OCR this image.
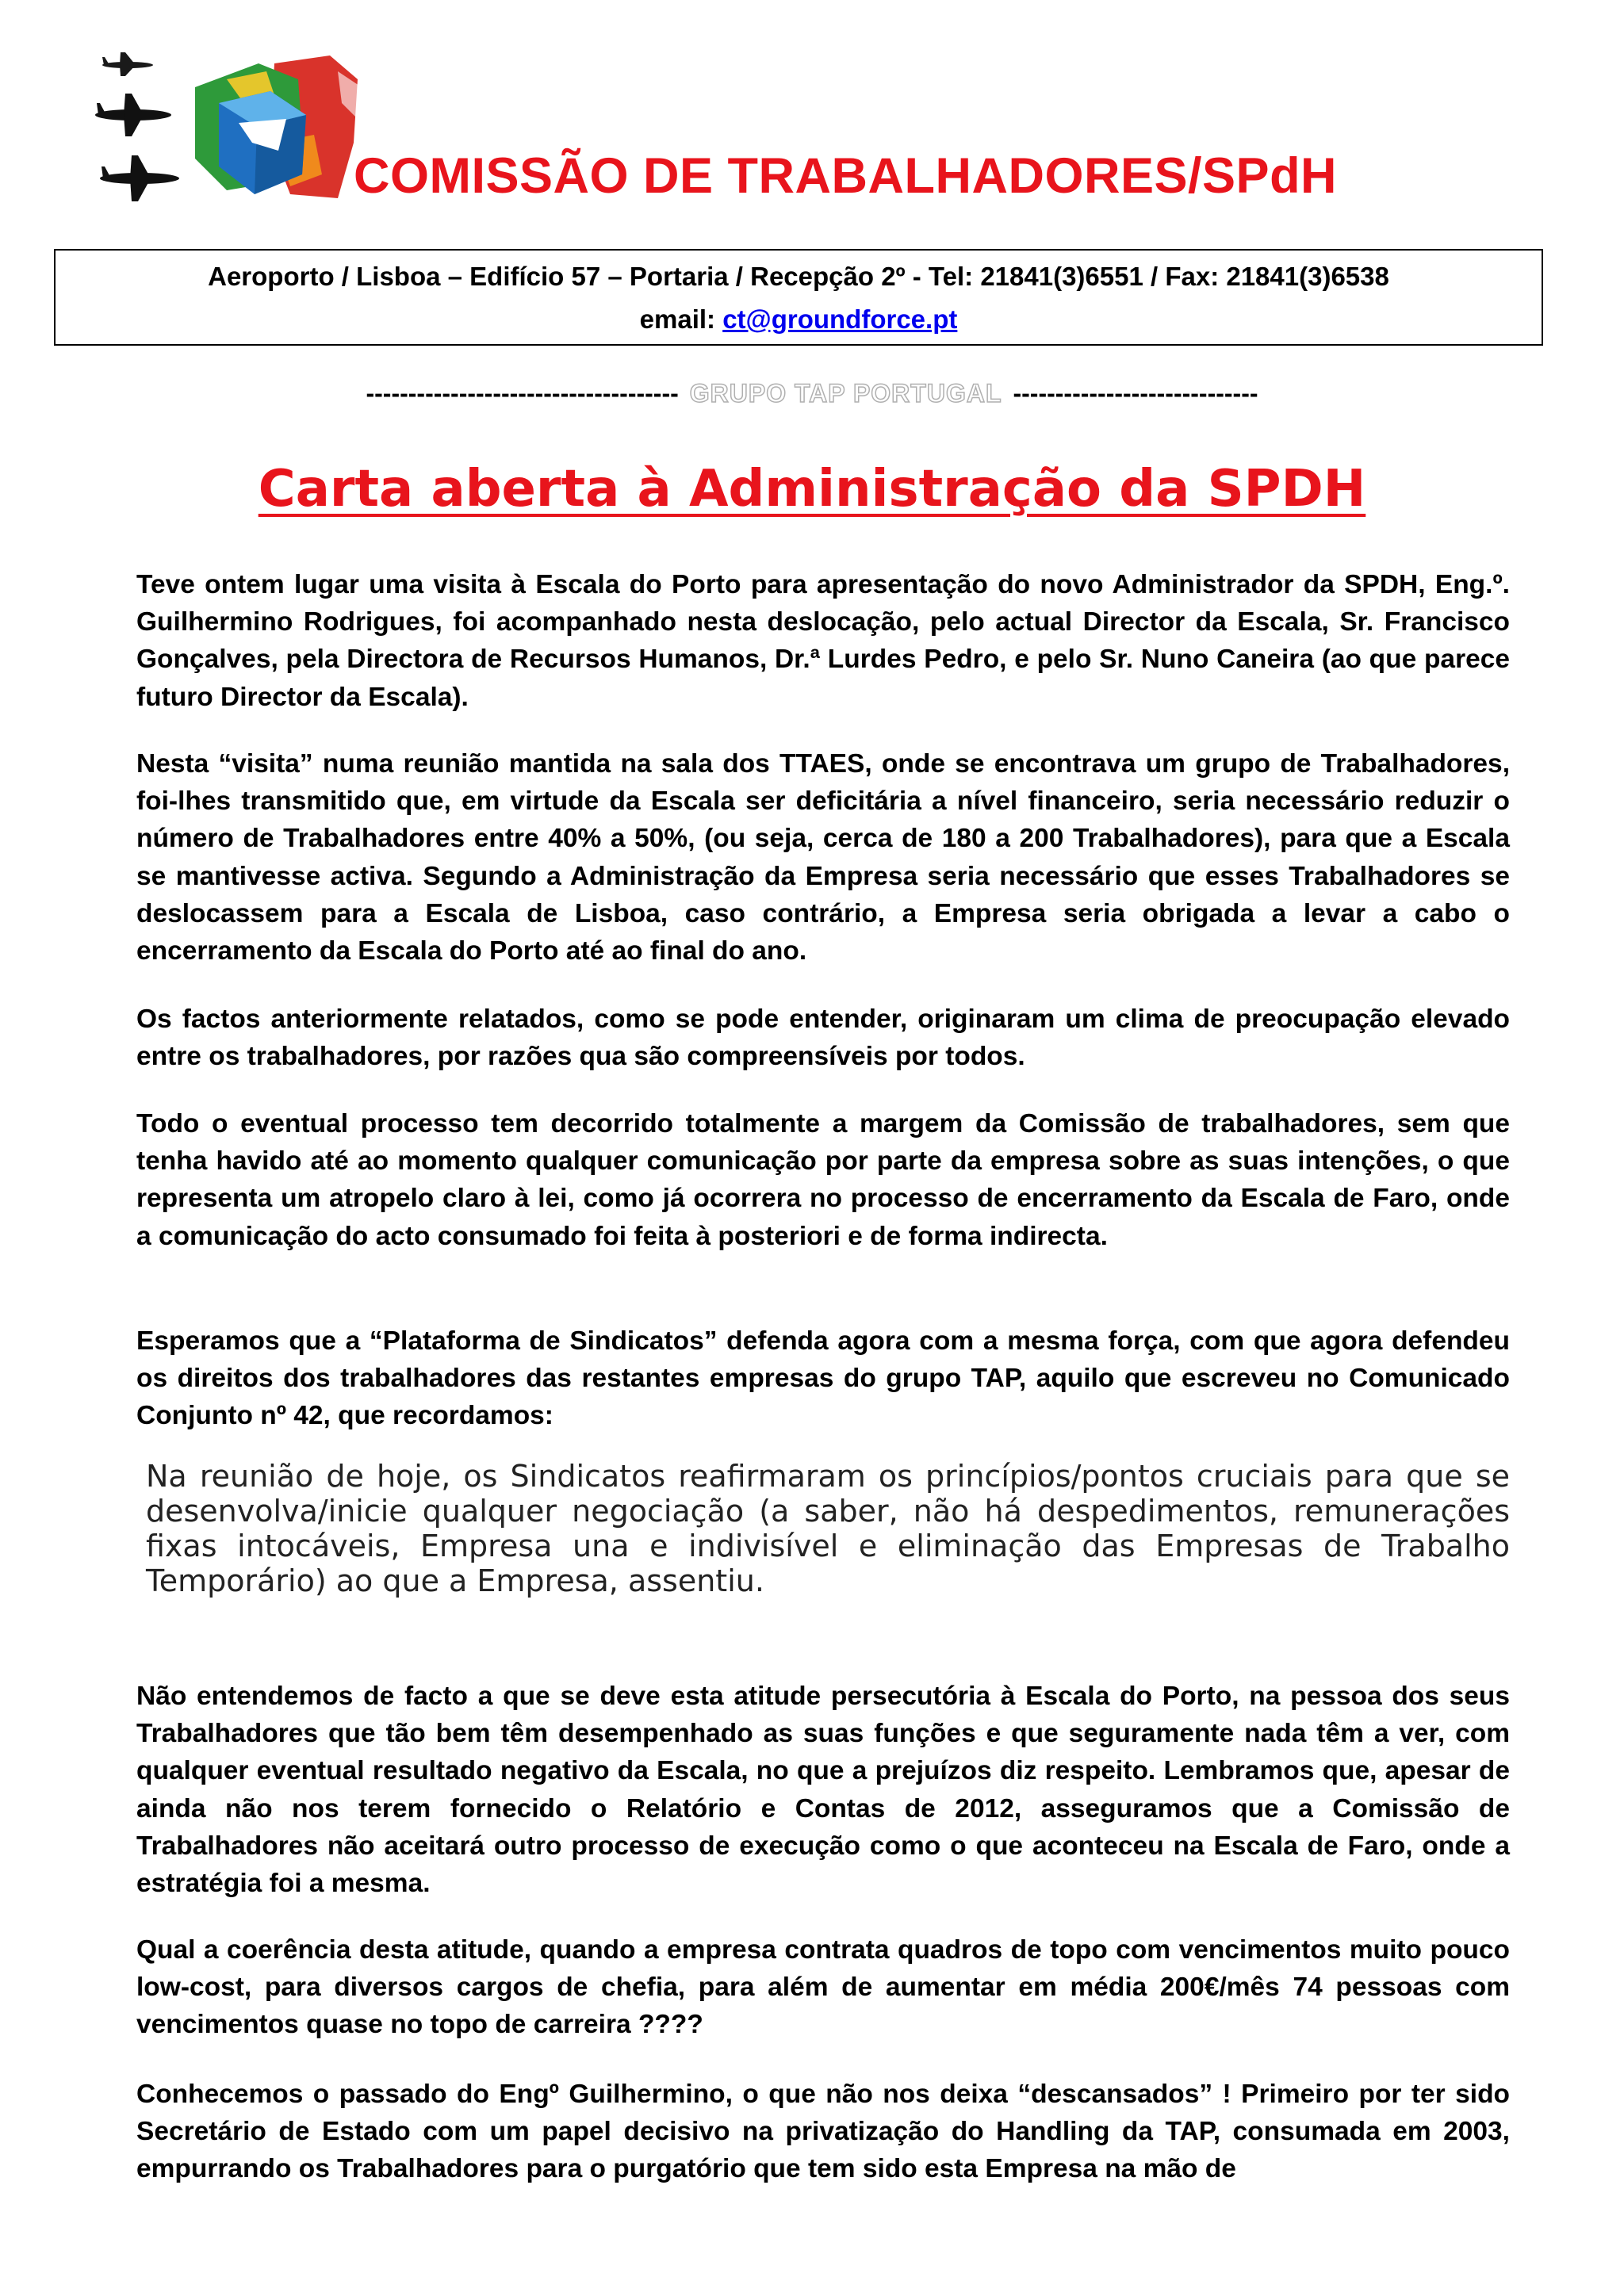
COMISSÃO DE TRABALHADORES/SPdH
Aeroporto / Lisboa – Edifício 57 – Portaria / Recepção 2º - Tel: 21841(3)6551 / Fax: 21841(3)6538
email: ct@groundforce.pt
------------------------------------- GRUPO TAP PORTUGAL -----------------------------
Carta aberta à Administração da SPDH

Teve ontem lugar uma visita à Escala do Porto para apresentação do novo Administrador da SPDH, Eng.º. Guilhermino Rodrigues, foi acompanhado nesta deslocação, pelo actual Director da Escala, Sr. Francisco Gonçalves, pela Directora de Recursos Humanos, Dr.ª Lurdes Pedro, e pelo Sr. Nuno Caneira (ao que parece futuro Director da Escala).

Nesta “visita” numa reunião mantida na sala dos TTAES, onde se encontrava um grupo de Trabalhadores, foi-lhes transmitido que, em virtude da Escala ser deficitária a nível financeiro, seria necessário reduzir o número de Trabalhadores entre 40% a 50%, (ou seja, cerca de 180 a 200 Trabalhadores), para que a Escala se mantivesse activa. Segundo a Administração da Empresa seria necessário que esses Trabalhadores se deslocassem para a Escala de Lisboa, caso contrário, a Empresa seria obrigada a levar a cabo o encerramento da Escala do Porto até ao final do ano.

Os factos anteriormente relatados, como se pode entender, originaram um clima de preocupação elevado entre os trabalhadores, por razões qua são compreensíveis por todos.

Todo o eventual processo tem decorrido totalmente a margem da Comissão de trabalhadores, sem que tenha havido até ao momento qualquer comunicação por parte da empresa sobre as suas intenções, o que representa um atropelo claro à lei, como já ocorrera no processo de encerramento da Escala de Faro, onde a comunicação do acto consumado foi feita à posteriori e de forma indirecta.

Esperamos que a “Plataforma de Sindicatos” defenda agora com a mesma força, com que agora defendeu os direitos dos trabalhadores das restantes empresas do grupo TAP, aquilo que escreveu no Comunicado Conjunto nº 42, que recordamos:

Na reunião de hoje, os Sindicatos reafirmaram os princípios/pontos cruciais para que se desenvolva/inicie qualquer negociação (a saber, não há despedimentos, remunerações fixas intocáveis, Empresa una e indivisível e eliminação das Empresas de Trabalho Temporário) ao que a Empresa, assentiu.

Não entendemos de facto a que se deve esta atitude persecutória à Escala do Porto, na pessoa dos seus Trabalhadores que tão bem têm desempenhado as suas funções e que seguramente nada têm a ver, com qualquer eventual resultado negativo da Escala, no que a prejuízos diz respeito. Lembramos que, apesar de ainda não nos terem fornecido o Relatório e Contas de 2012, asseguramos que a Comissão de Trabalhadores não aceitará outro processo de execução como o que aconteceu na Escala de Faro, onde a estratégia foi a mesma.

Qual a coerência desta atitude, quando a empresa contrata quadros de topo com vencimentos muito pouco low-cost, para diversos cargos de chefia, para além de aumentar em média 200€/mês 74 pessoas com vencimentos quase no topo de carreira ????

Conhecemos o passado do Engº Guilhermino, o que não nos deixa “descansados” ! Primeiro por ter sido Secretário de Estado com um papel decisivo na privatização do Handling da TAP, consumada em 2003, empurrando os Trabalhadores para o purgatório que tem sido esta Empresa na mão de
